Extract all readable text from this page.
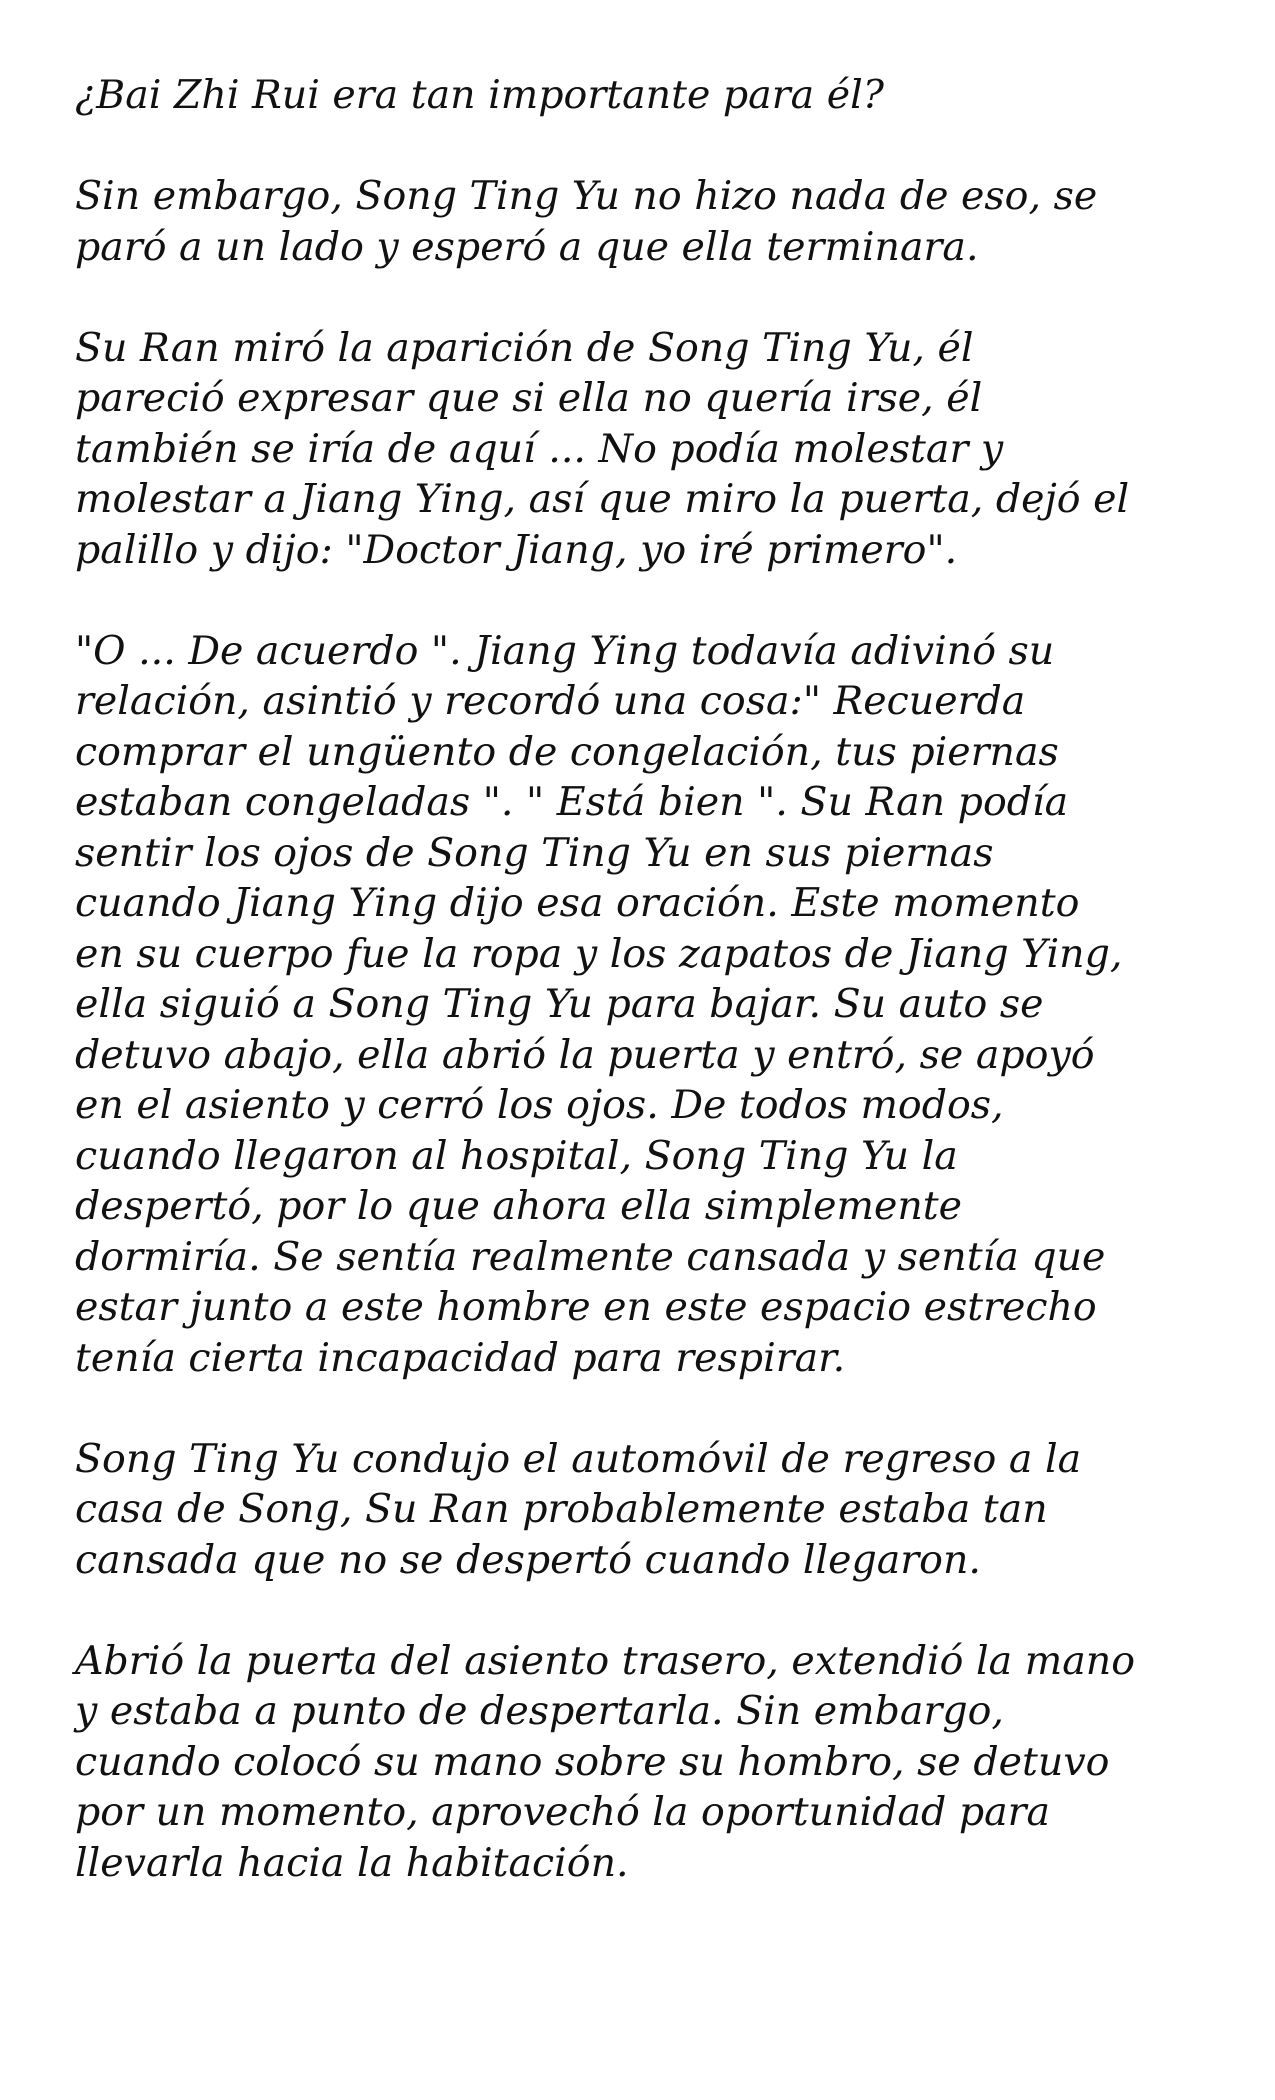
¿Bai Zhi Rui era tan importante para él?

Sin embargo, Song Ting Yu no hizo nada de eso, se
paró a un lado y esperó a que ella terminara.

Su Ran miró la aparición de Song Ting Yu, él
pareció expresar que si ella no quería irse, él
también se iría de aquí ... No podía molestar y
molestar a Jiang Ying, así que miro la puerta, dejó el
palillo y dijo: "Doctor Jiang, yo iré primero".

"O ... De acuerdo ". Jiang Ying todavía adivinó su
relación, asintió y recordó una cosa:" Recuerda
comprar el ungüento de congelación, tus piernas
estaban congeladas ". " Está bien ". Su Ran podía
sentir los ojos de Song Ting Yu en sus piernas
cuando Jiang Ying dijo esa oración. Este momento
en su cuerpo fue la ropa y los zapatos de Jiang Ying,
ella siguió a Song Ting Yu para bajar. Su auto se
detuvo abajo, ella abrió la puerta y entró, se apoyó
en el asiento y cerró los ojos. De todos modos,
cuando llegaron al hospital, Song Ting Yu la
despertó, por lo que ahora ella simplemente
dormiría. Se sentía realmente cansada y sentía que
estar junto a este hombre en este espacio estrecho
tenía cierta incapacidad para respirar.

Song Ting Yu condujo el automóvil de regreso a la
casa de Song, Su Ran probablemente estaba tan
cansada que no se despertó cuando llegaron.

Abrió la puerta del asiento trasero, extendió la mano
y estaba a punto de despertarla. Sin embargo,
cuando colocó su mano sobre su hombro, se detuvo
por un momento, aprovechó la oportunidad para
llevarla hacia la habitación.
